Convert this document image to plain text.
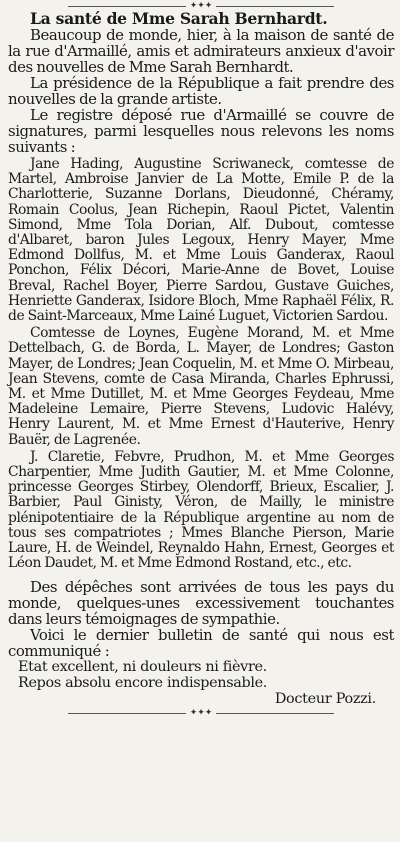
✦✦✦
La santé de Mme Sarah Bernhardt.

Beaucoup de monde, hier, à la maison de santé de la rue d'Armaillé, amis et admirateurs anxieux d'avoir des nouvelles de Mme Sarah Bernhardt.

La présidence de la République a fait prendre des nouvelles de la grande artiste.

Le registre déposé rue d'Armaillé se couvre de signatures, parmi lesquelles nous relevons les noms suivants :

Jane Hading, Augustine Scriwaneck, comtesse de Martel, Ambroise Janvier de La Motte, Emile P. de la Charlotterie, Suzanne Dorlans, Dieudonné, Chéramy, Romain Coolus, Jean Richepin, Raoul Pictet, Valentin Simond, Mme Tola Dorian, Alf. Dubout, comtesse d'Albaret, baron Jules Legoux, Henry Mayer, Mme Edmond Dollfus, M. et Mme Louis Ganderax, Raoul Ponchon, Félix Décori, Marie-Anne de Bovet, Louise Breval, Rachel Boyer, Pierre Sardou, Gustave Guiches, Henriette Ganderax, Isidore Bloch, Mme Raphaël Félix, R. de Saint-Marceaux, Mme Lainé Luguet, Victorien Sardou.

Comtesse de Loynes, Eugène Morand, M. et Mme Dettelbach, G. de Borda, L. Mayer, de Londres; Gaston Mayer, de Londres; Jean Coquelin, M. et Mme O. Mirbeau, Jean Stevens, comte de Casa Miranda, Charles Ephrussi, M. et Mme Dutillet, M. et Mme Georges Feydeau, Mme Madeleine Lemaire, Pierre Stevens, Ludovic Halévy, Henry Laurent, M. et Mme Ernest d'Hauterive, Henry Bauër, de Lagrenée.

J. Claretie, Febvre, Prudhon, M. et Mme Georges Charpentier, Mme Judith Gautier, M. et Mme Colonne, princesse Georges Stirbey, Olendorff, Brieux, Escalier, J. Barbier, Paul Ginisty, Véron, de Mailly, le ministre plénipotentiaire de la République argentine au nom de tous ses compatriotes ; Mmes Blanche Pierson, Marie Laure, H. de Weindel, Reynaldo Hahn, Ernest, Georges et Léon Daudet, M. et Mme Edmond Rostand, etc., etc.

Des dépêches sont arrivées de tous les pays du monde, quelques-unes excessivement touchantes dans leurs témoignages de sympathie.

Voici le dernier bulletin de santé qui nous est communiqué :

Etat excellent, ni douleurs ni fièvre.

Repos absolu encore indispensable.

Docteur Pozzi.

✦✦✦
